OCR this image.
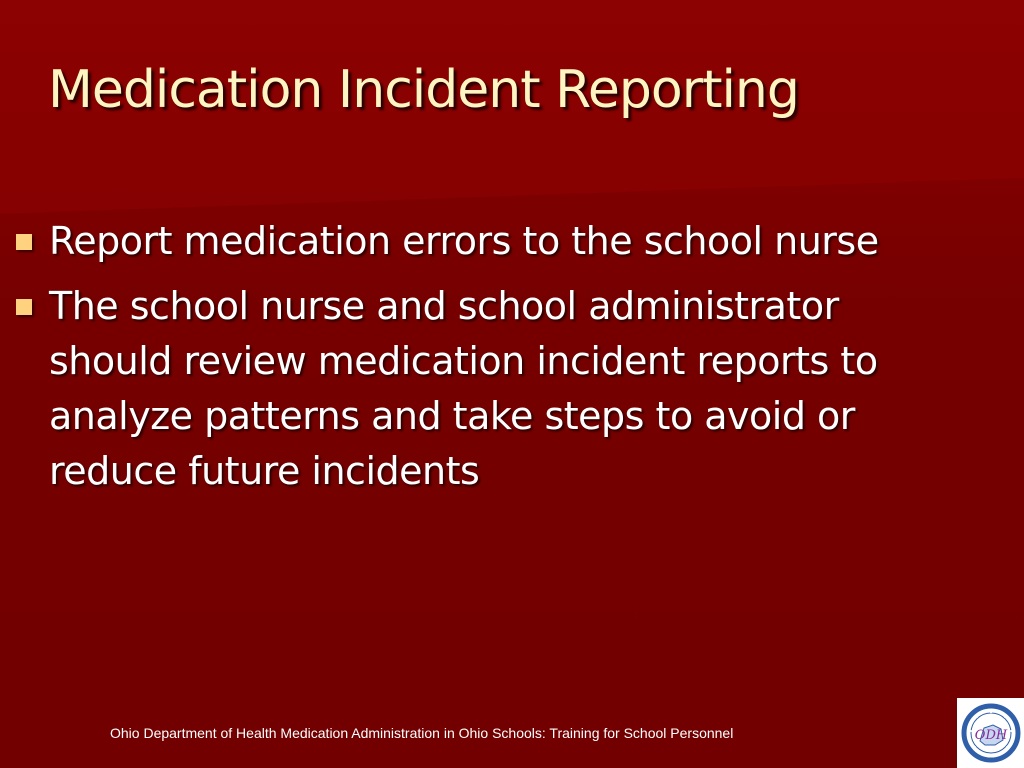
Medication Incident Reporting
Report medication errors to the school nurse
The school nurse and school administrator should review medication incident reports to analyze patterns and take steps to avoid or reduce future incidents
Ohio Department of Health Medication Administration in Ohio Schools: Training for School Personnel	ODH
